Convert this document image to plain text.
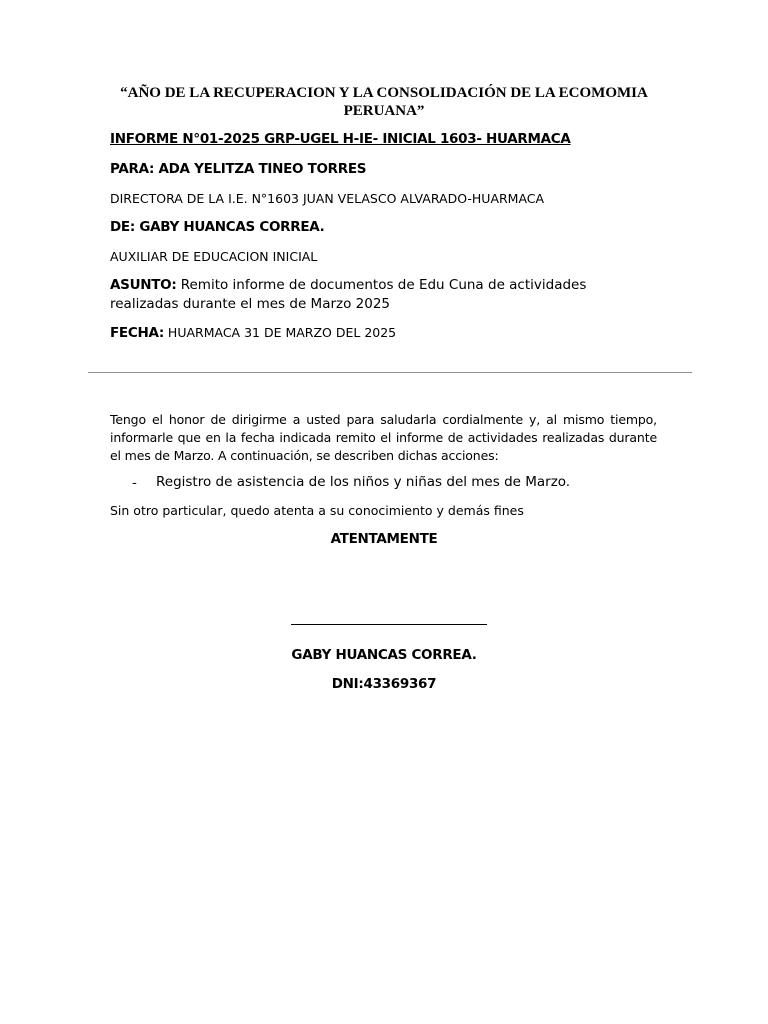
“AÑO DE LA RECUPERACION Y LA CONSOLIDACIÓN DE LA ECOMOMIA PERUANA”
INFORME N°01-2025 GRP-UGEL H-IE- INICIAL 1603- HUARMACA
PARA: ADA YELITZA TINEO TORRES
DIRECTORA DE LA I.E. N°1603 JUAN VELASCO ALVARADO-HUARMACA
DE: GABY HUANCAS CORREA.
AUXILIAR DE EDUCACION INICIAL
ASUNTO: Remito informe de documentos de Edu Cuna de actividades realizadas durante el mes de Marzo 2025
FECHA: HUARMACA 31 DE MARZO DEL 2025
Tengo el honor de dirigirme a usted para saludarla cordialmente y, al mismo tiempo, informarle que en la fecha indicada remito el informe de actividades realizadas durante el mes de Marzo. A continuación, se describen dichas acciones:
- Registro de asistencia de los niños y niñas del mes de Marzo.
Sin otro particular, quedo atenta a su conocimiento y demás fines
ATENTAMENTE
GABY HUANCAS CORREA.
DNI:43369367
